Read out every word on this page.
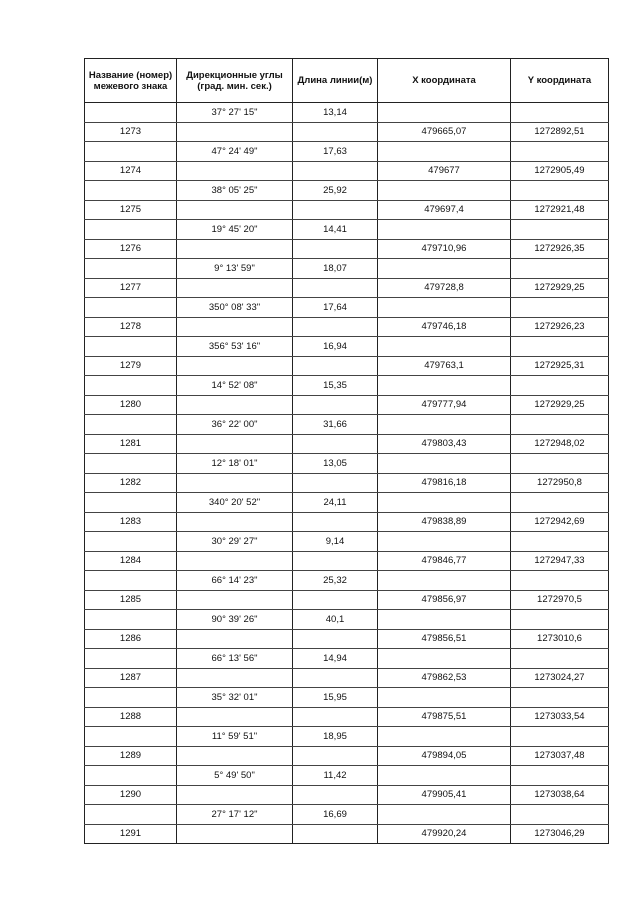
Название (номер) межевого знака	Дирекционные углы (град. мин. сек.)	Длина линии(м)	X координата	Y координата
	37° 27' 15"	13,14		
1273			479665,07	1272892,51
	47° 24' 49"	17,63		
1274			479677	1272905,49
	38° 05' 25"	25,92		
1275			479697,4	1272921,48
	19° 45' 20"	14,41		
1276			479710,96	1272926,35
	9° 13' 59"	18,07		
1277			479728,8	1272929,25
	350° 08' 33"	17,64		
1278			479746,18	1272926,23
	356° 53' 16"	16,94		
1279			479763,1	1272925,31
	14° 52' 08"	15,35		
1280			479777,94	1272929,25
	36° 22' 00"	31,66		
1281			479803,43	1272948,02
	12° 18' 01"	13,05		
1282			479816,18	1272950,8
	340° 20' 52"	24,11		
1283			479838,89	1272942,69
	30° 29' 27"	9,14		
1284			479846,77	1272947,33
	66° 14' 23"	25,32		
1285			479856,97	1272970,5
	90° 39' 26"	40,1		
1286			479856,51	1273010,6
	66° 13' 56"	14,94		
1287			479862,53	1273024,27
	35° 32' 01"	15,95		
1288			479875,51	1273033,54
	11° 59' 51"	18,95		
1289			479894,05	1273037,48
	5° 49' 50"	11,42		
1290			479905,41	1273038,64
	27° 17' 12"	16,69		
1291			479920,24	1273046,29
